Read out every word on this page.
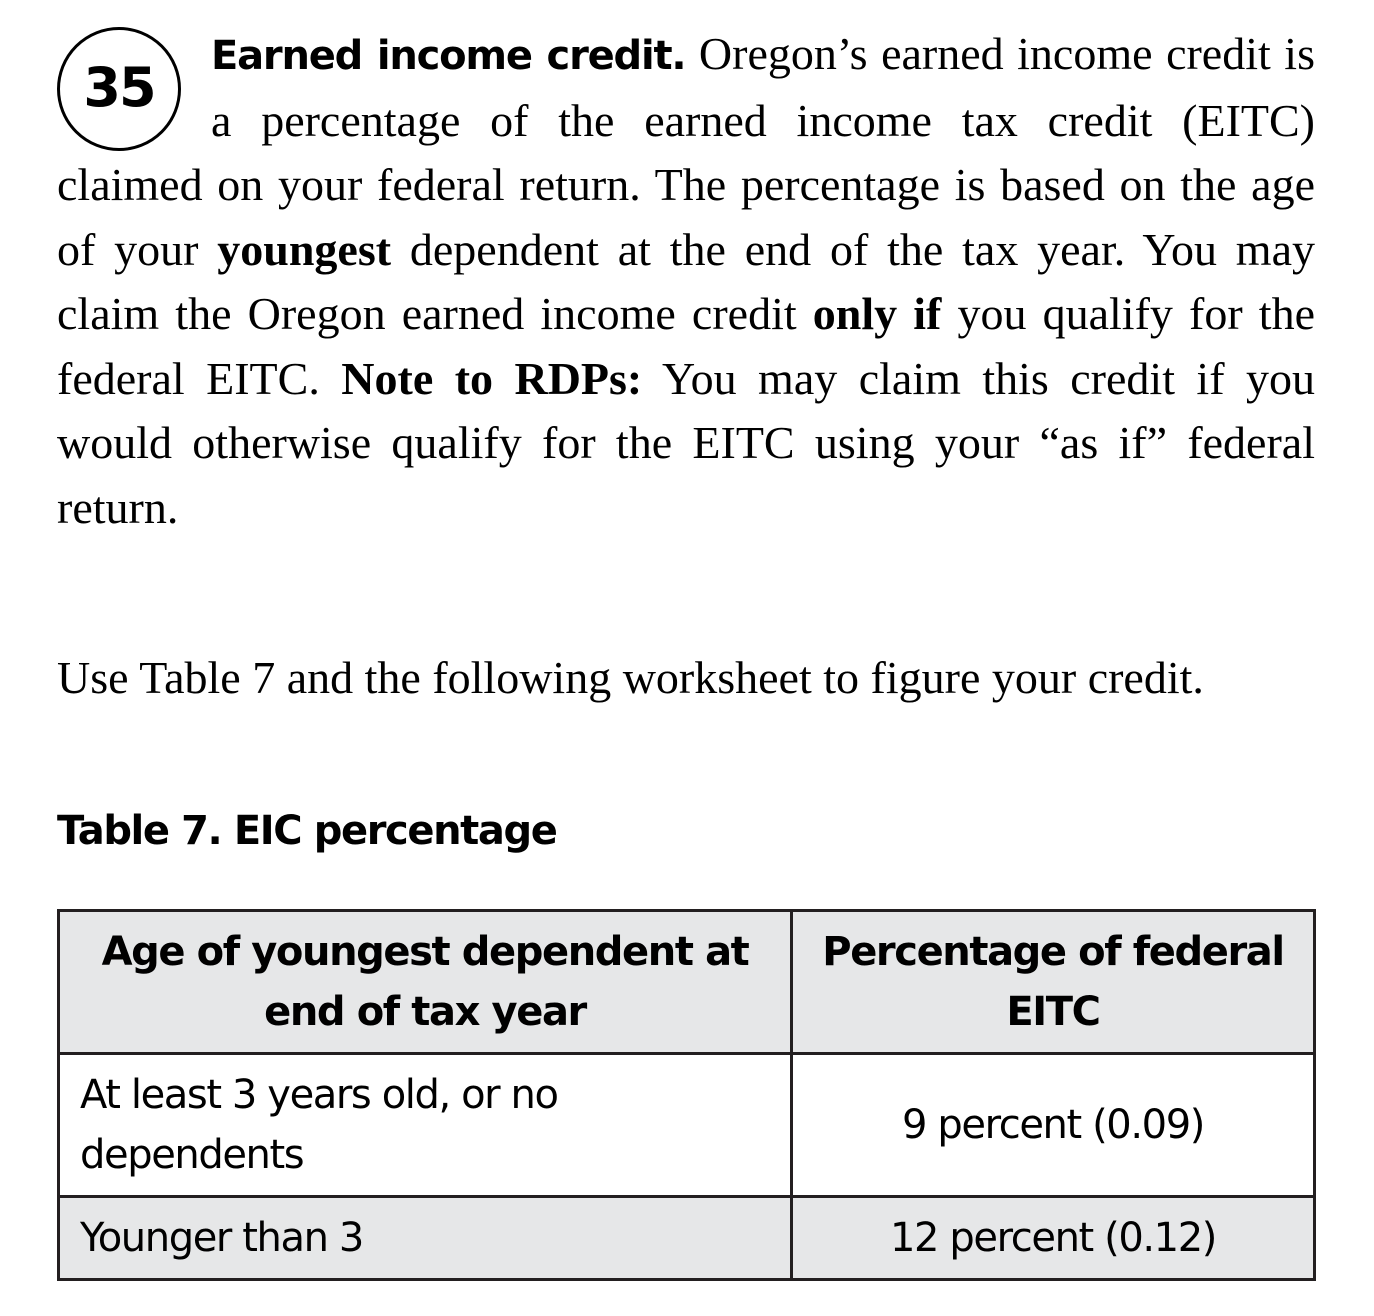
35	Earned income credit. Oregon’s earned income credit is a percentage of the earned income tax credit (EITC) claimed on your federal return. The percentage is based on the age of your youngest dependent at the end of the tax year. You may claim the Oregon earned income credit only if you qualify for the federal EITC. Note to RDPs: You may claim this credit if you would otherwise qualify for the EITC using your “as if” federal return.

Use Table 7 and the following worksheet to figure your credit.

Table 7. EIC percentage
Age of youngest dependent at end of tax year	Percentage of federal EITC
At least 3 years old, or no dependents	9 percent (0.09)
Younger than 3	12 percent (0.12)
